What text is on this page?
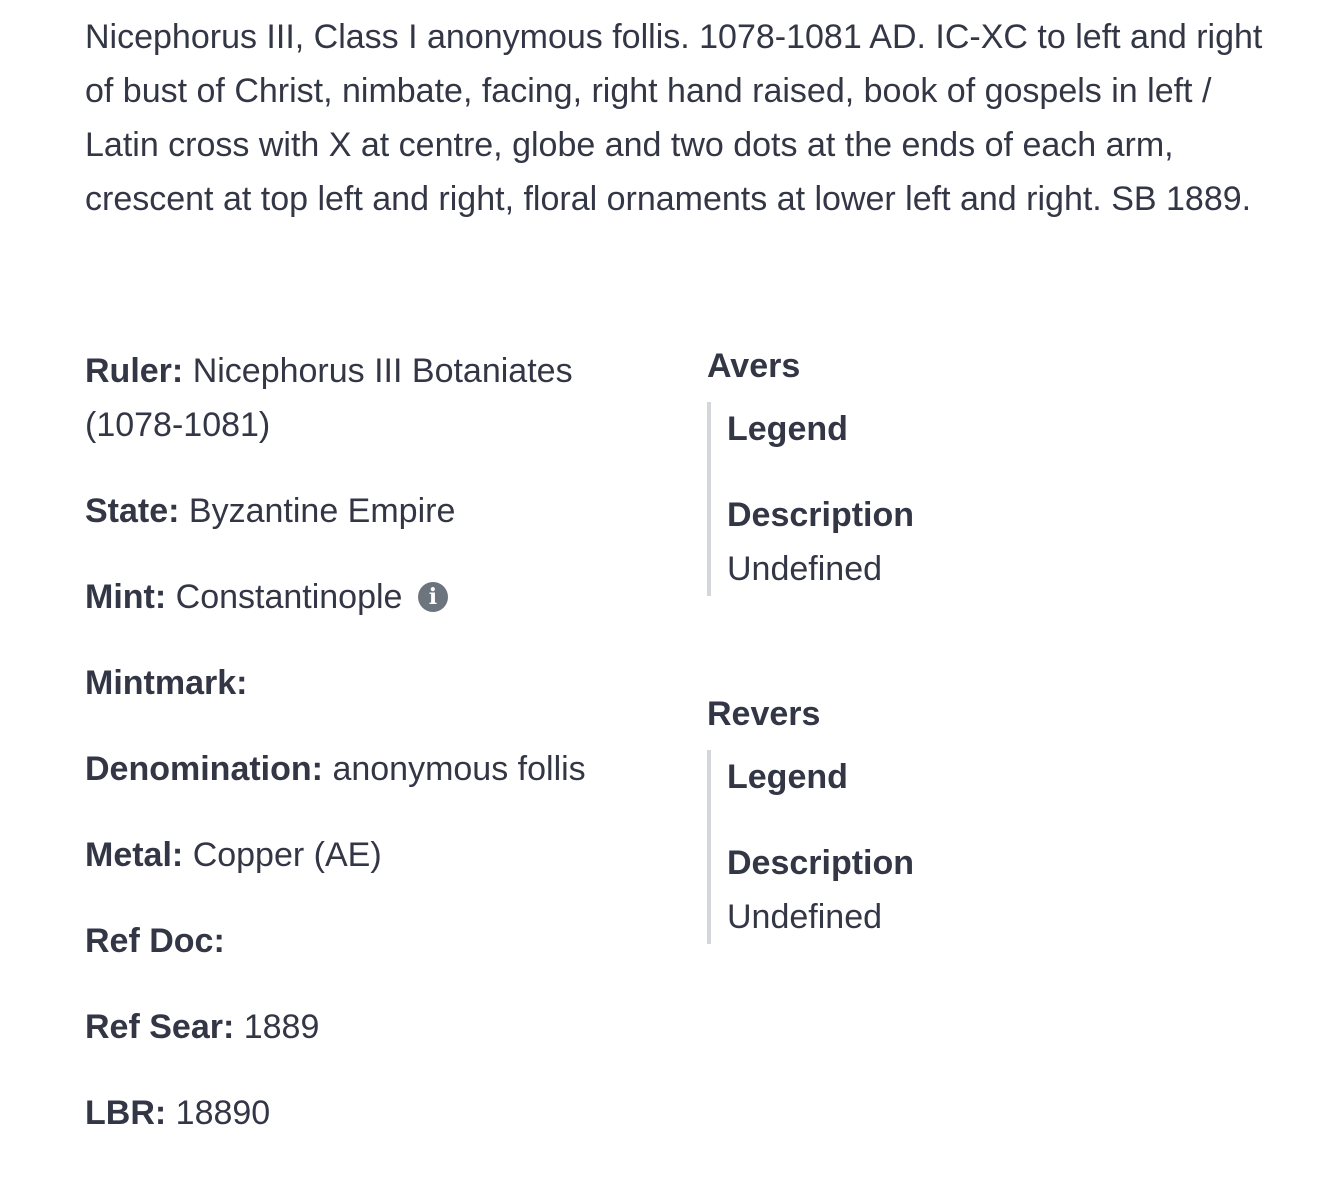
Nicephorus III, Class I anonymous follis. 1078-1081 AD. IC-XC to left and right of bust of Christ, nimbate, facing, right hand raised, book of gospels in left / Latin cross with X at centre, globe and two dots at the ends of each arm, crescent at top left and right, floral ornaments at lower left and right. SB 1889.

Ruler: Nicephorus III Botaniates (1078-1081)

State: Byzantine Empire

Mint: Constantinople i

Mintmark:

Denomination: anonymous follis

Metal: Copper (AE)

Ref Doc:

Ref Sear: 1889

LBR: 18890

Avers

Legend

Description

Undefined

Revers

Legend

Description

Undefined
